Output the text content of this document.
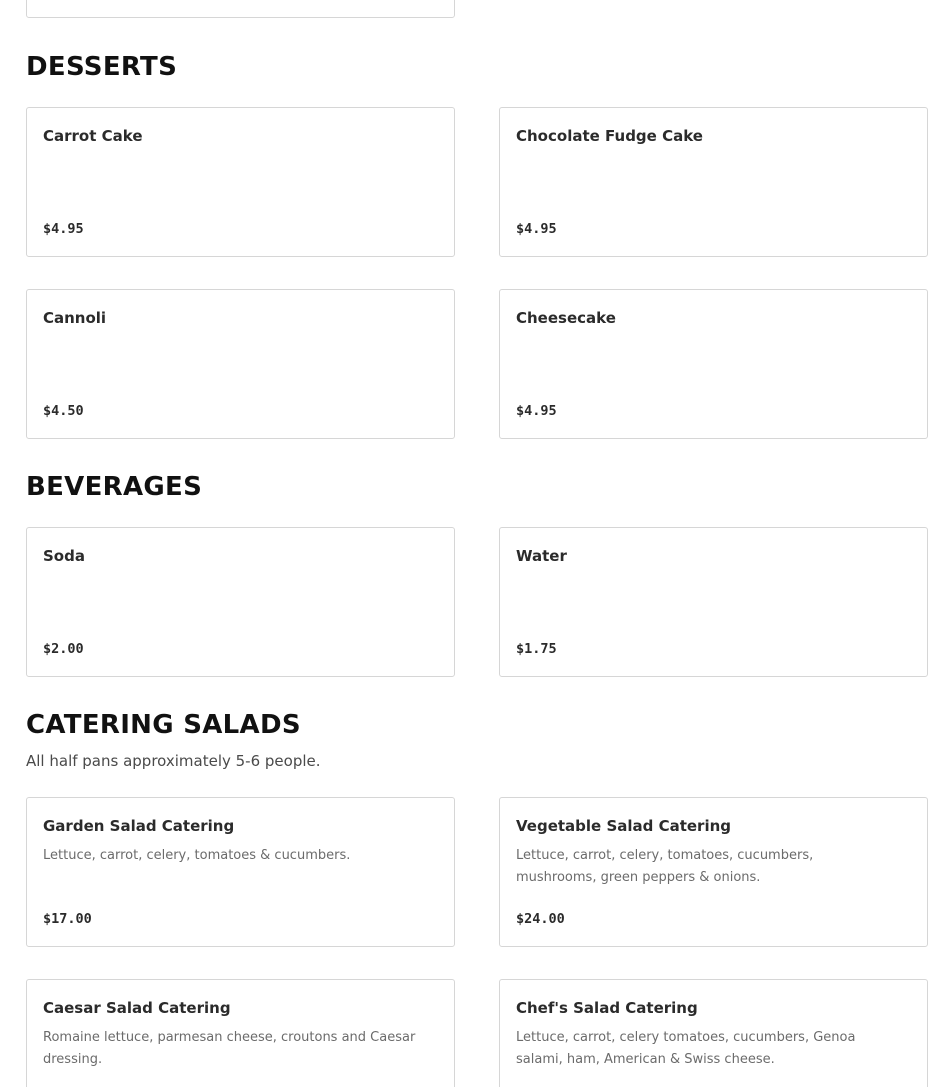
DESSERTS
Carrot Cake
$4.95
Chocolate Fudge Cake
$4.95
Cannoli
$4.50
Cheesecake
$4.95
BEVERAGES
Soda
$2.00
Water
$1.75
CATERING SALADS
All half pans approximately 5-6 people.
Garden Salad Catering
Lettuce, carrot, celery, tomatoes & cucumbers.
$17.00
Vegetable Salad Catering
Lettuce, carrot, celery, tomatoes, cucumbers, mushrooms, green peppers & onions.
$24.00
Caesar Salad Catering
Romaine lettuce, parmesan cheese, croutons and Caesar dressing.
Chef's Salad Catering
Lettuce, carrot, celery tomatoes, cucumbers, Genoa salami, ham, American & Swiss cheese.
